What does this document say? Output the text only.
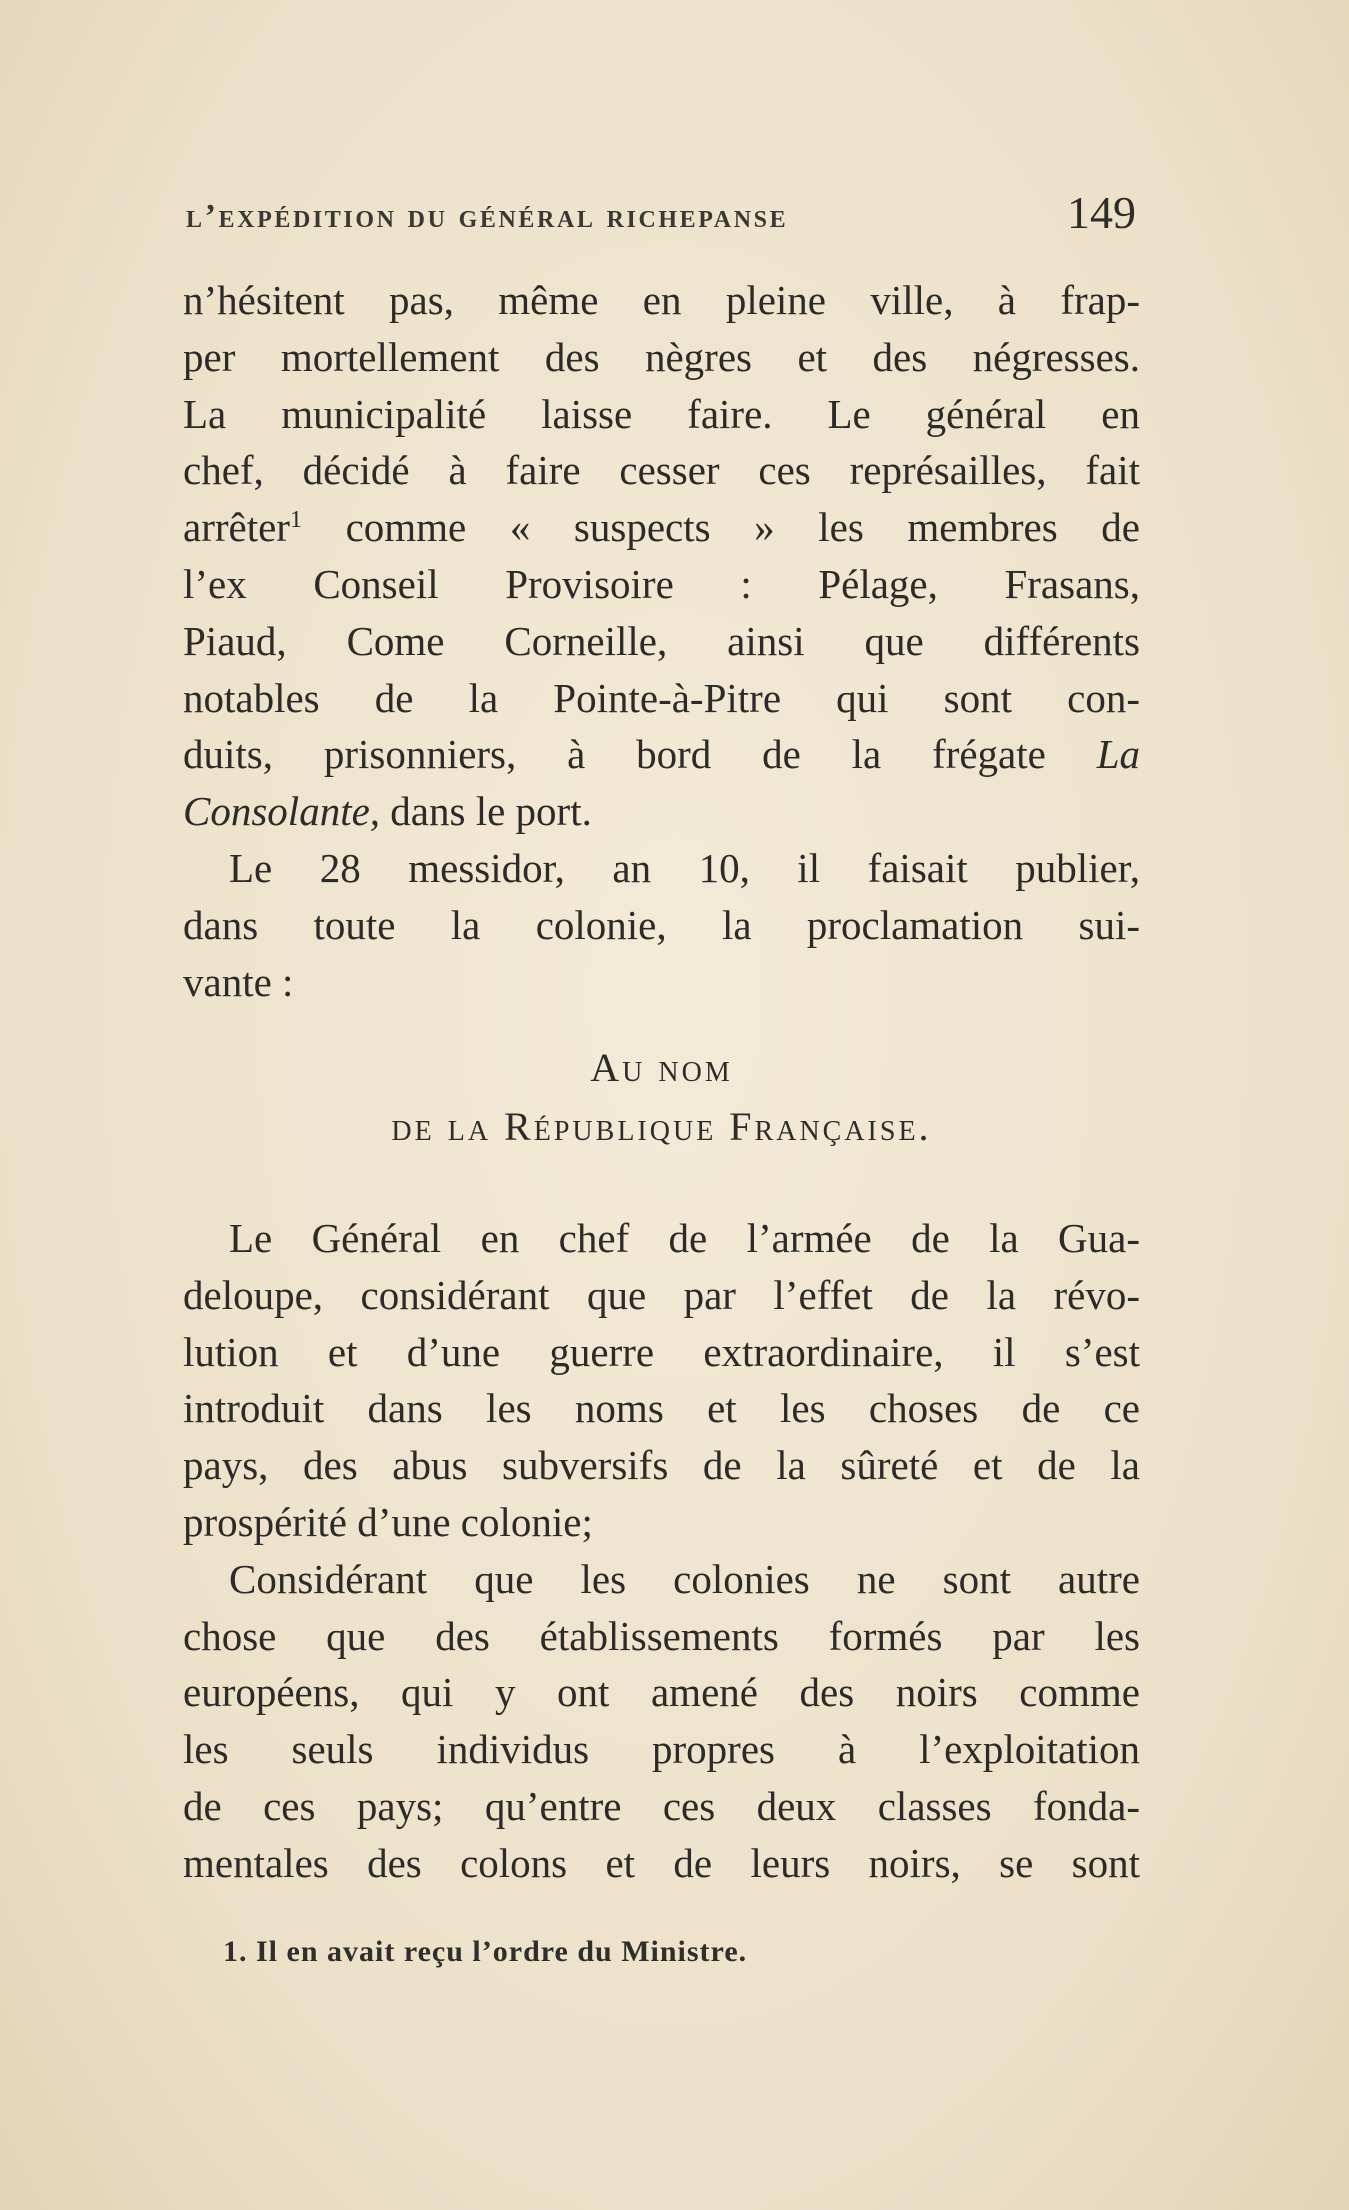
l’expédition du général richepanse	149
n’hésitent pas, même en pleine ville, à frap-
per mortellement des nègres et des négresses.
La municipalité laisse faire. Le général en
chef, décidé à faire cesser ces représailles, fait
arrêter$^1$ comme « suspects » les membres de
l’ex Conseil Provisoire : Pélage, Frasans,
Piaud, Come Corneille, ainsi que différents
notables de la Pointe-à-Pitre qui sont con-
duits, prisonniers, à bord de la frégate La
Consolante, dans le port.
Le 28 messidor, an 10, il faisait publier,
dans toute la colonie, la proclamation sui-
vante :
Au nom
de la République Française.
Le Général en chef de l’armée de la Gua-
deloupe, considérant que par l’effet de la révo-
lution et d’une guerre extraordinaire, il s’est
introduit dans les noms et les choses de ce
pays, des abus subversifs de la sûreté et de la
prospérité d’une colonie;
Considérant que les colonies ne sont autre
chose que des établissements formés par les
européens, qui y ont amené des noirs comme
les seuls individus propres à l’exploitation
de ces pays; qu’entre ces deux classes fonda-
mentales des colons et de leurs noirs, se sont
1. Il en avait reçu l’ordre du Ministre.
